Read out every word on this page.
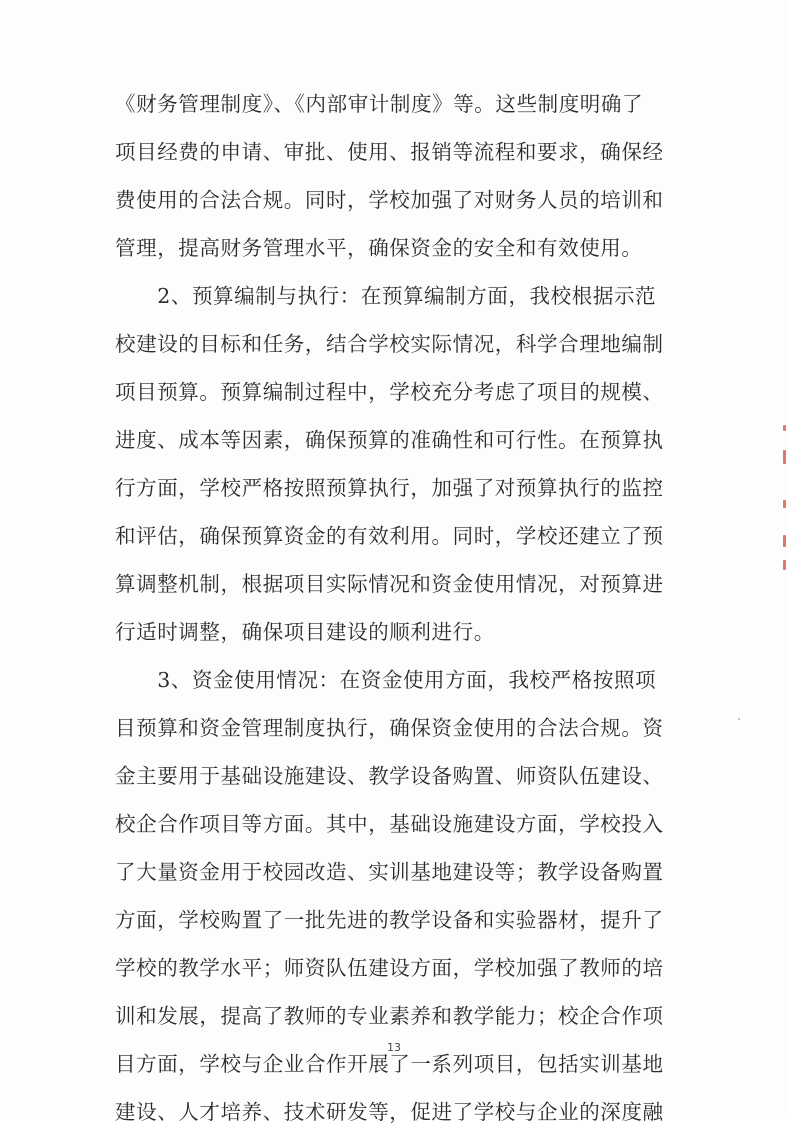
《财务管理制度》、《内部审计制度》等。这些制度明确了
项目经费的申请、审批、使用、报销等流程和要求，确保经
费使用的合法合规。同时，学校加强了对财务人员的培训和
管理，提高财务管理水平，确保资金的安全和有效使用。
　　2、预算编制与执行：在预算编制方面，我校根据示范
校建设的目标和任务，结合学校实际情况，科学合理地编制
项目预算。预算编制过程中，学校充分考虑了项目的规模、
进度、成本等因素，确保预算的准确性和可行性。在预算执
行方面，学校严格按照预算执行，加强了对预算执行的监控
和评估，确保预算资金的有效利用。同时，学校还建立了预
算调整机制，根据项目实际情况和资金使用情况，对预算进
行适时调整，确保项目建设的顺利进行。
　　3、资金使用情况：在资金使用方面，我校严格按照项
目预算和资金管理制度执行，确保资金使用的合法合规。资
金主要用于基础设施建设、教学设备购置、师资队伍建设、
校企合作项目等方面。其中，基础设施建设方面，学校投入
了大量资金用于校园改造、实训基地建设等；教学设备购置
方面，学校购置了一批先进的教学设备和实验器材，提升了
学校的教学水平；师资队伍建设方面，学校加强了教师的培
训和发展，提高了教师的专业素养和教学能力；校企合作项
目方面，学校与企业合作开展了一系列项目，包括实训基地
建设、人才培养、技术研发等，促进了学校与企业的深度融
13
